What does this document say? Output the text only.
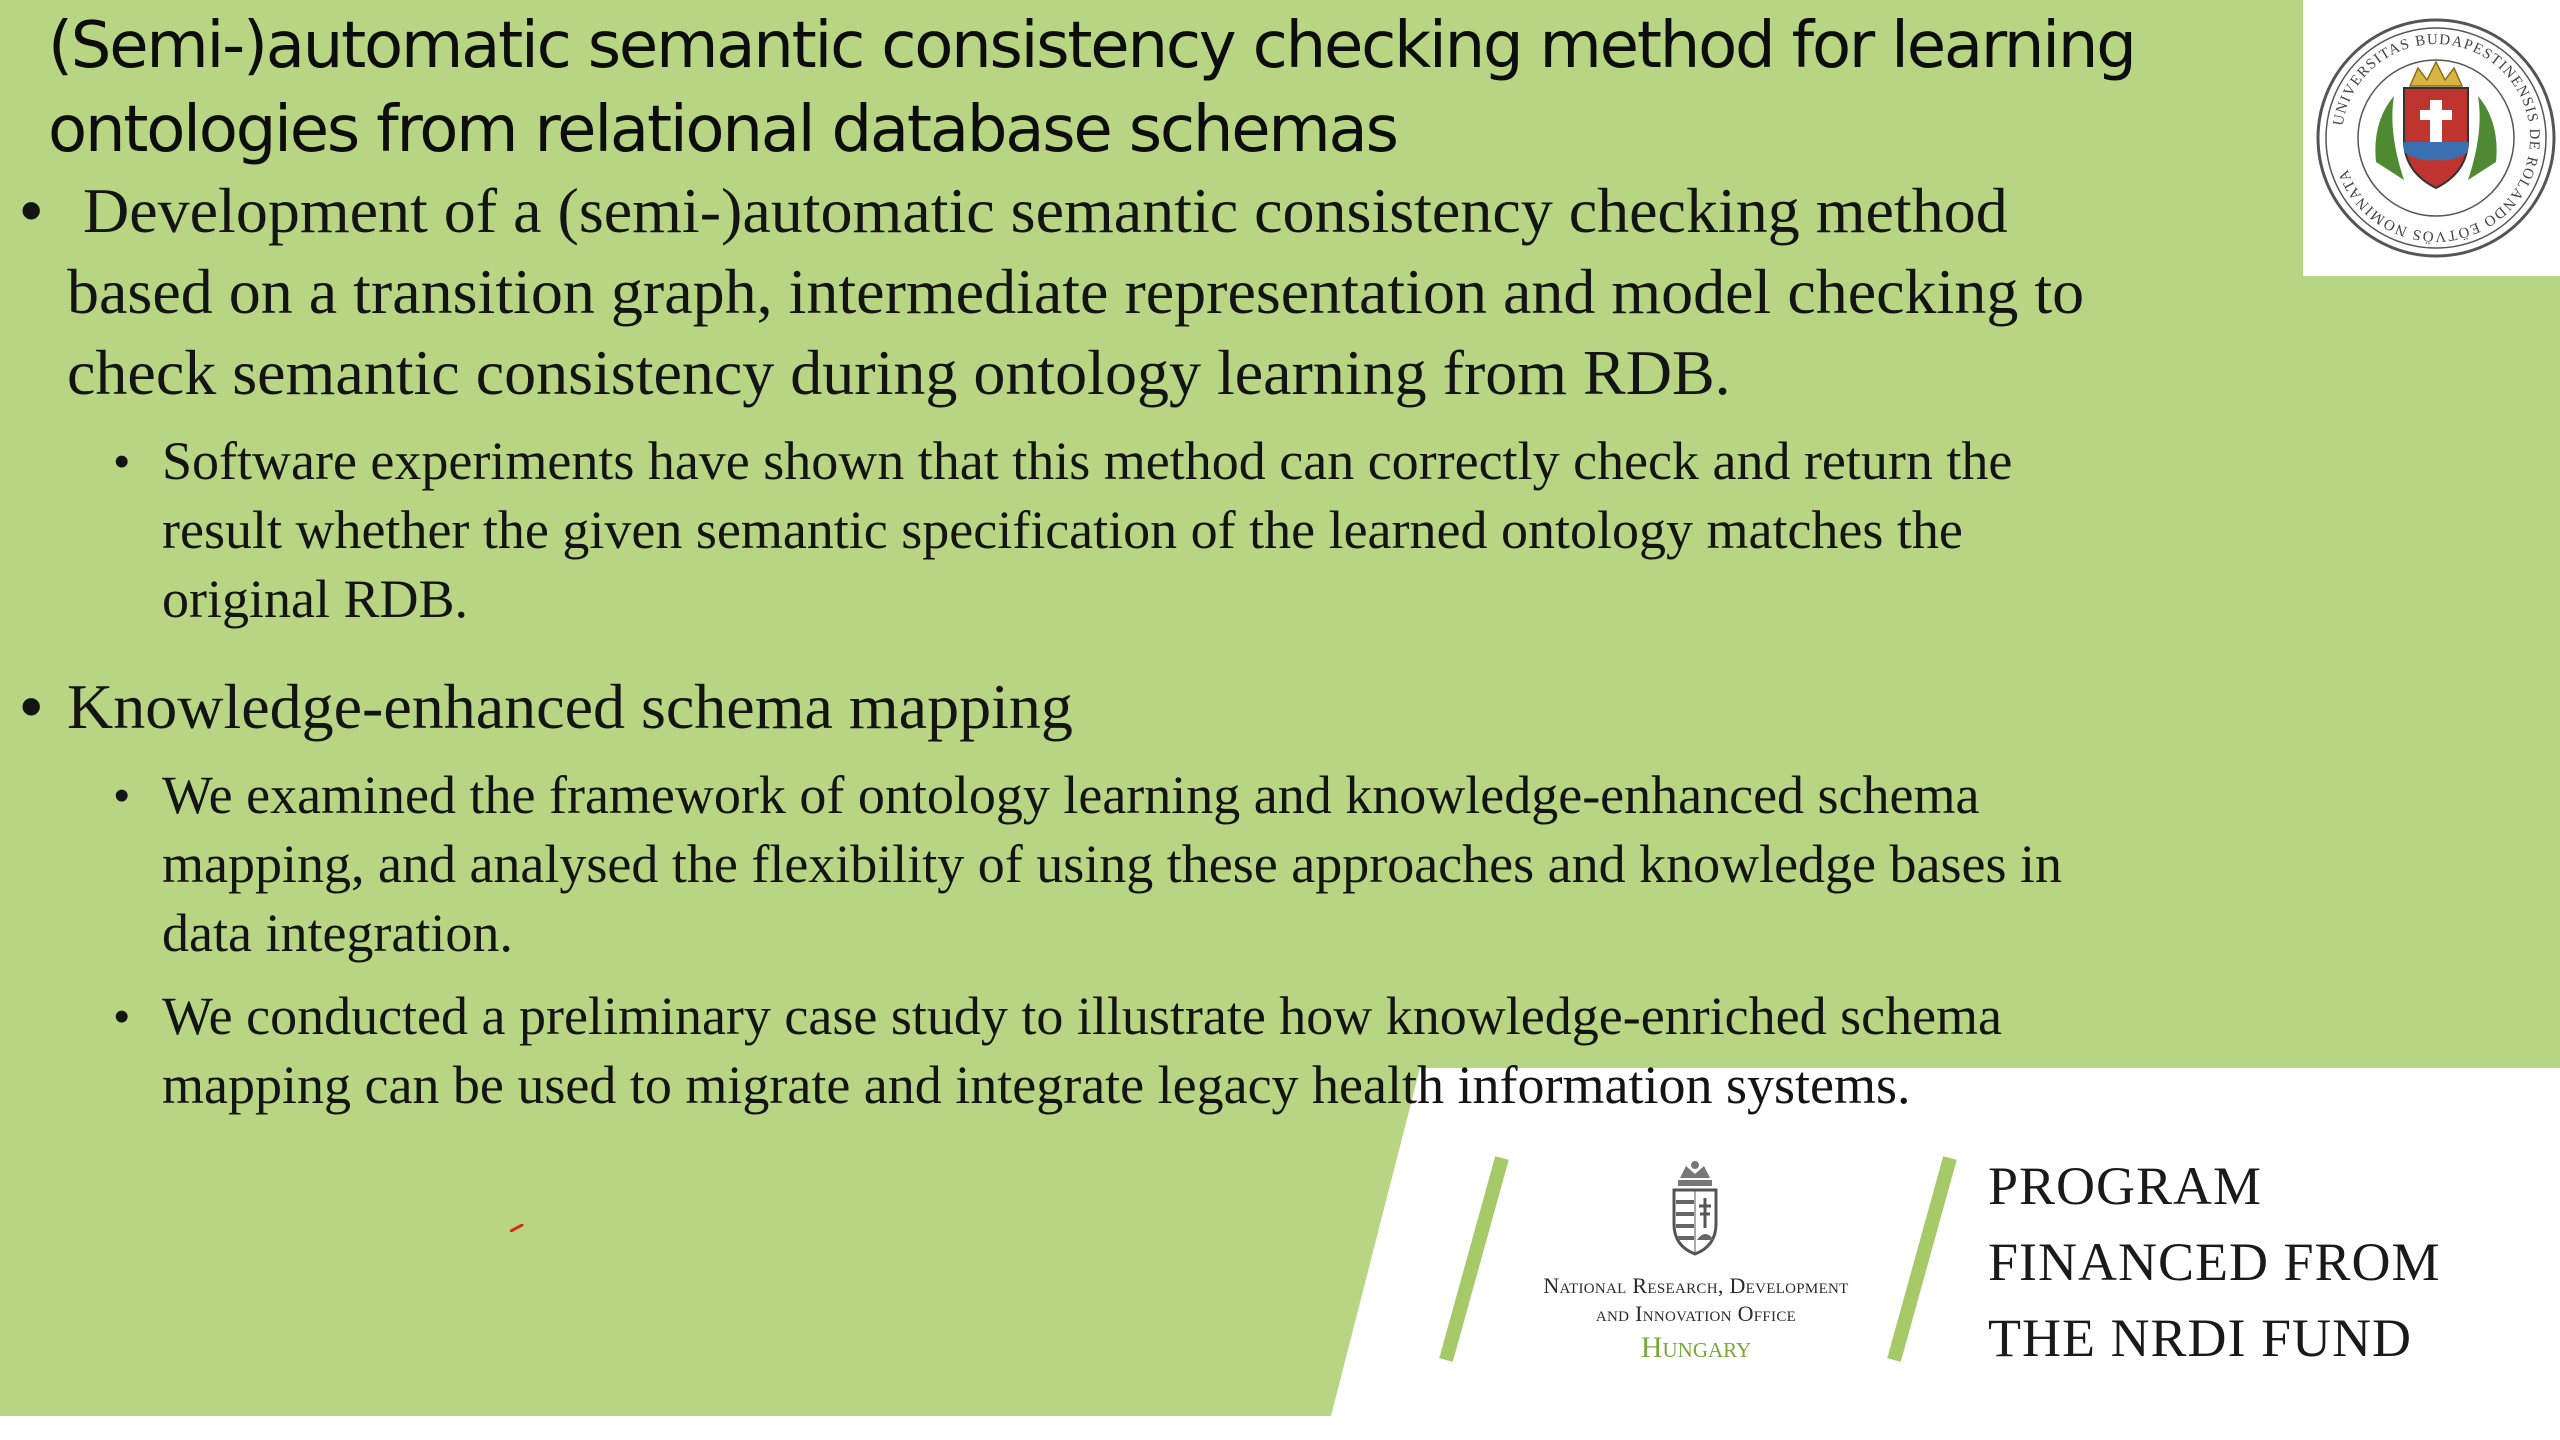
UNIVERSITAS BUDAPESTINENSIS DE ROLANDO EÖTVÖS NOMINATA
(Semi-)automatic semantic consistency checking method for learning
ontologies from relational database schemas

• Development of a (semi-)automatic semantic consistency checking method
based on a transition graph, intermediate representation and model checking to
check semantic consistency during ontology learning from RDB.

• Software experiments have shown that this method can correctly check and return the
result whether the given semantic specification of the learned ontology matches the
original RDB.

• Knowledge-enhanced schema mapping

• We examined the framework of ontology learning and knowledge-enhanced schema
mapping, and analysed the flexibility of using these approaches and knowledge bases in
data integration.

• We conducted a preliminary case study to illustrate how knowledge-enriched schema
mapping can be used to migrate and integrate legacy health information systems.

National Research, Development
and Innovation Office
Hungary
PROGRAM
FINANCED FROM
THE NRDI FUND
